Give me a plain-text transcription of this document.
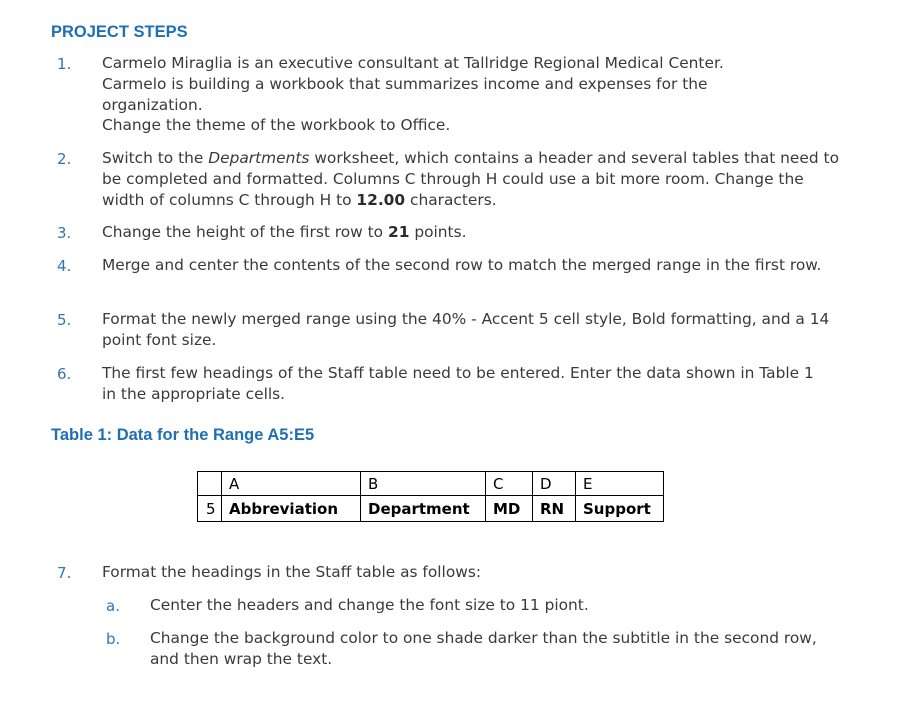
PROJECT STEPS
1. Carmelo Miraglia is an executive consultant at Tallridge Regional Medical Center.

Carmelo is building a workbook that summarizes income and expenses for the

organization.

Change the theme of the workbook to Office.

2. Switch to the Departments worksheet, which contains a header and several tables that need to be completed and formatted. Columns C through H could use a bit more room. Change the width of columns C through H to 12.00 characters.
3. Change the height of the first row to 21 points.
4. Merge and center the contents of the second row to match the merged range in the first row.
5. Format the newly merged range using the 40% - Accent 5 cell style, Bold formatting, and a 14 point font size.
6. The first few headings of the Staff table need to be entered. Enter the data shown in Table 1 in the appropriate cells.
Table 1: Data for the Range A5:E5
	A	B	C	D	E
5	Abbreviation	Department	MD	RN	Support
7. Format the headings in the Staff table as follows:
a. Center the headers and change the font size to 11 piont.
b. Change the background color to one shade darker than the subtitle in the second row, and then wrap the text.
